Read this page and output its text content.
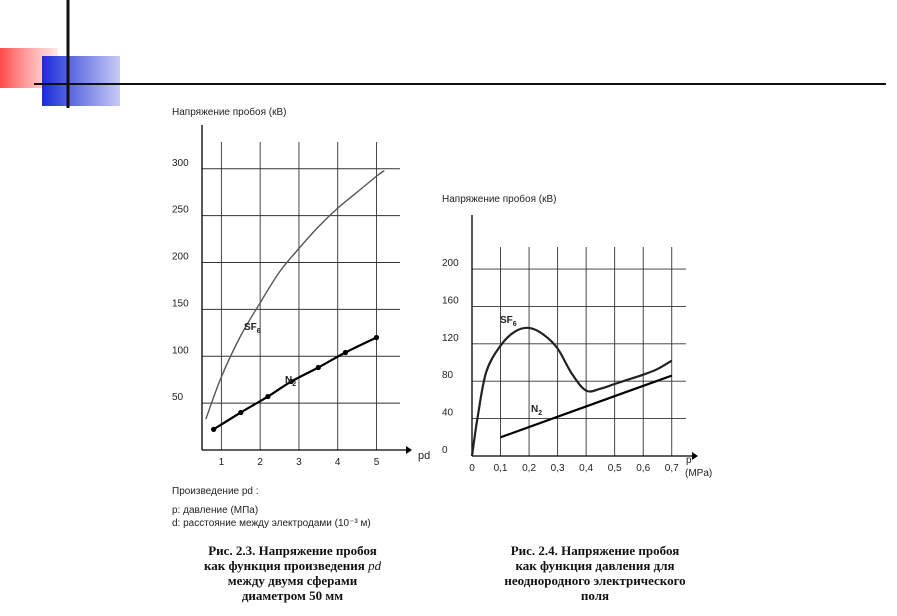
50
100
150
200
250
300
1	2	3	4	5
0
40
80
120
160
200
0 0,1 0,2 0,3 0,4 0,5 0,6 0,7
Напряжение пробоя (кВ)
pd
$SF_6$
$N_2$
Произведение pd :
p: давление (МПа)
d: расстояние между электродами (10⁻³ м)
Напряжение пробоя (кВ)
p
(MPa)
$SF_6$
$N_2$
Рис. 2.3. Напряжение пробоя
как функция произведения pd
между двумя сферами
диаметром 50 мм
Рис. 2.4. Напряжение пробоя
как функция давления для
неоднородного электрического
поля
